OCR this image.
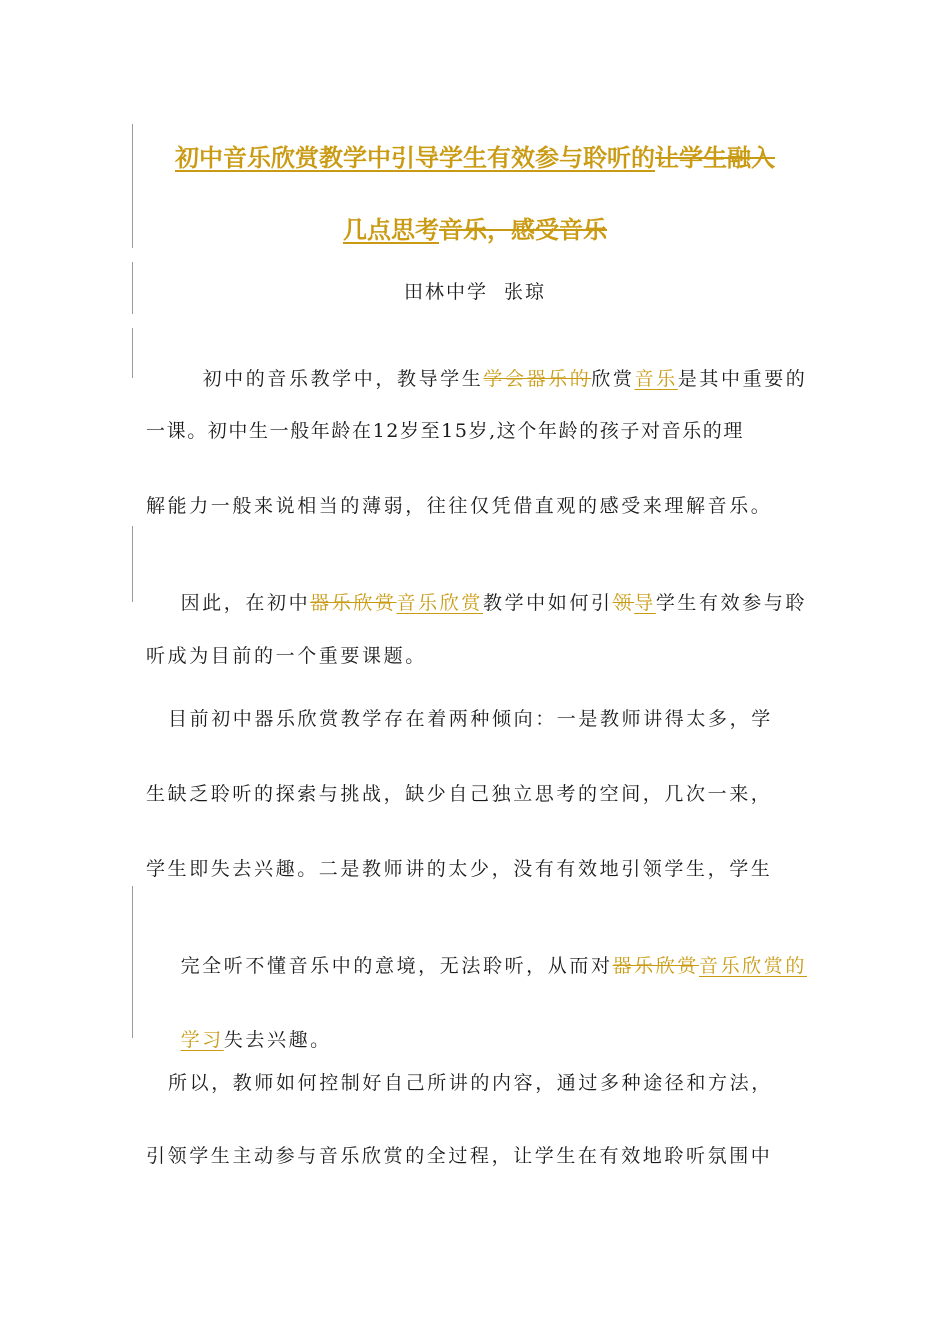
初中音乐欣赏教学中引导学生有效参与聆听的让学生融入
几点思考音乐，感受音乐
田林中学  张琼

初中的音乐教学中，教导学生学会器乐的欣赏音乐是其中重要的

一课。初中生一般年龄在12岁至15岁,这个年龄的孩子对音乐的理
解能力一般来说相当的薄弱，往往仅凭借直观的感受来理解音乐。

因此，在初中器乐欣赏音乐欣赏教学中如何引领导学生有效参与聆

听成为目前的一个重要课题。
目前初中器乐欣赏教学存在着两种倾向：一是教师讲得太多，学
生缺乏聆听的探索与挑战，缺少自己独立思考的空间，几次一来，
学生即失去兴趣。二是教师讲的太少，没有有效地引领学生，学生

完全听不懂音乐中的意境，无法聆听，从而对器乐欣赏音乐欣赏的

学习失去兴趣。

所以，教师如何控制好自己所讲的内容，通过多种途径和方法，
引领学生主动参与音乐欣赏的全过程，让学生在有效地聆听氛围中
